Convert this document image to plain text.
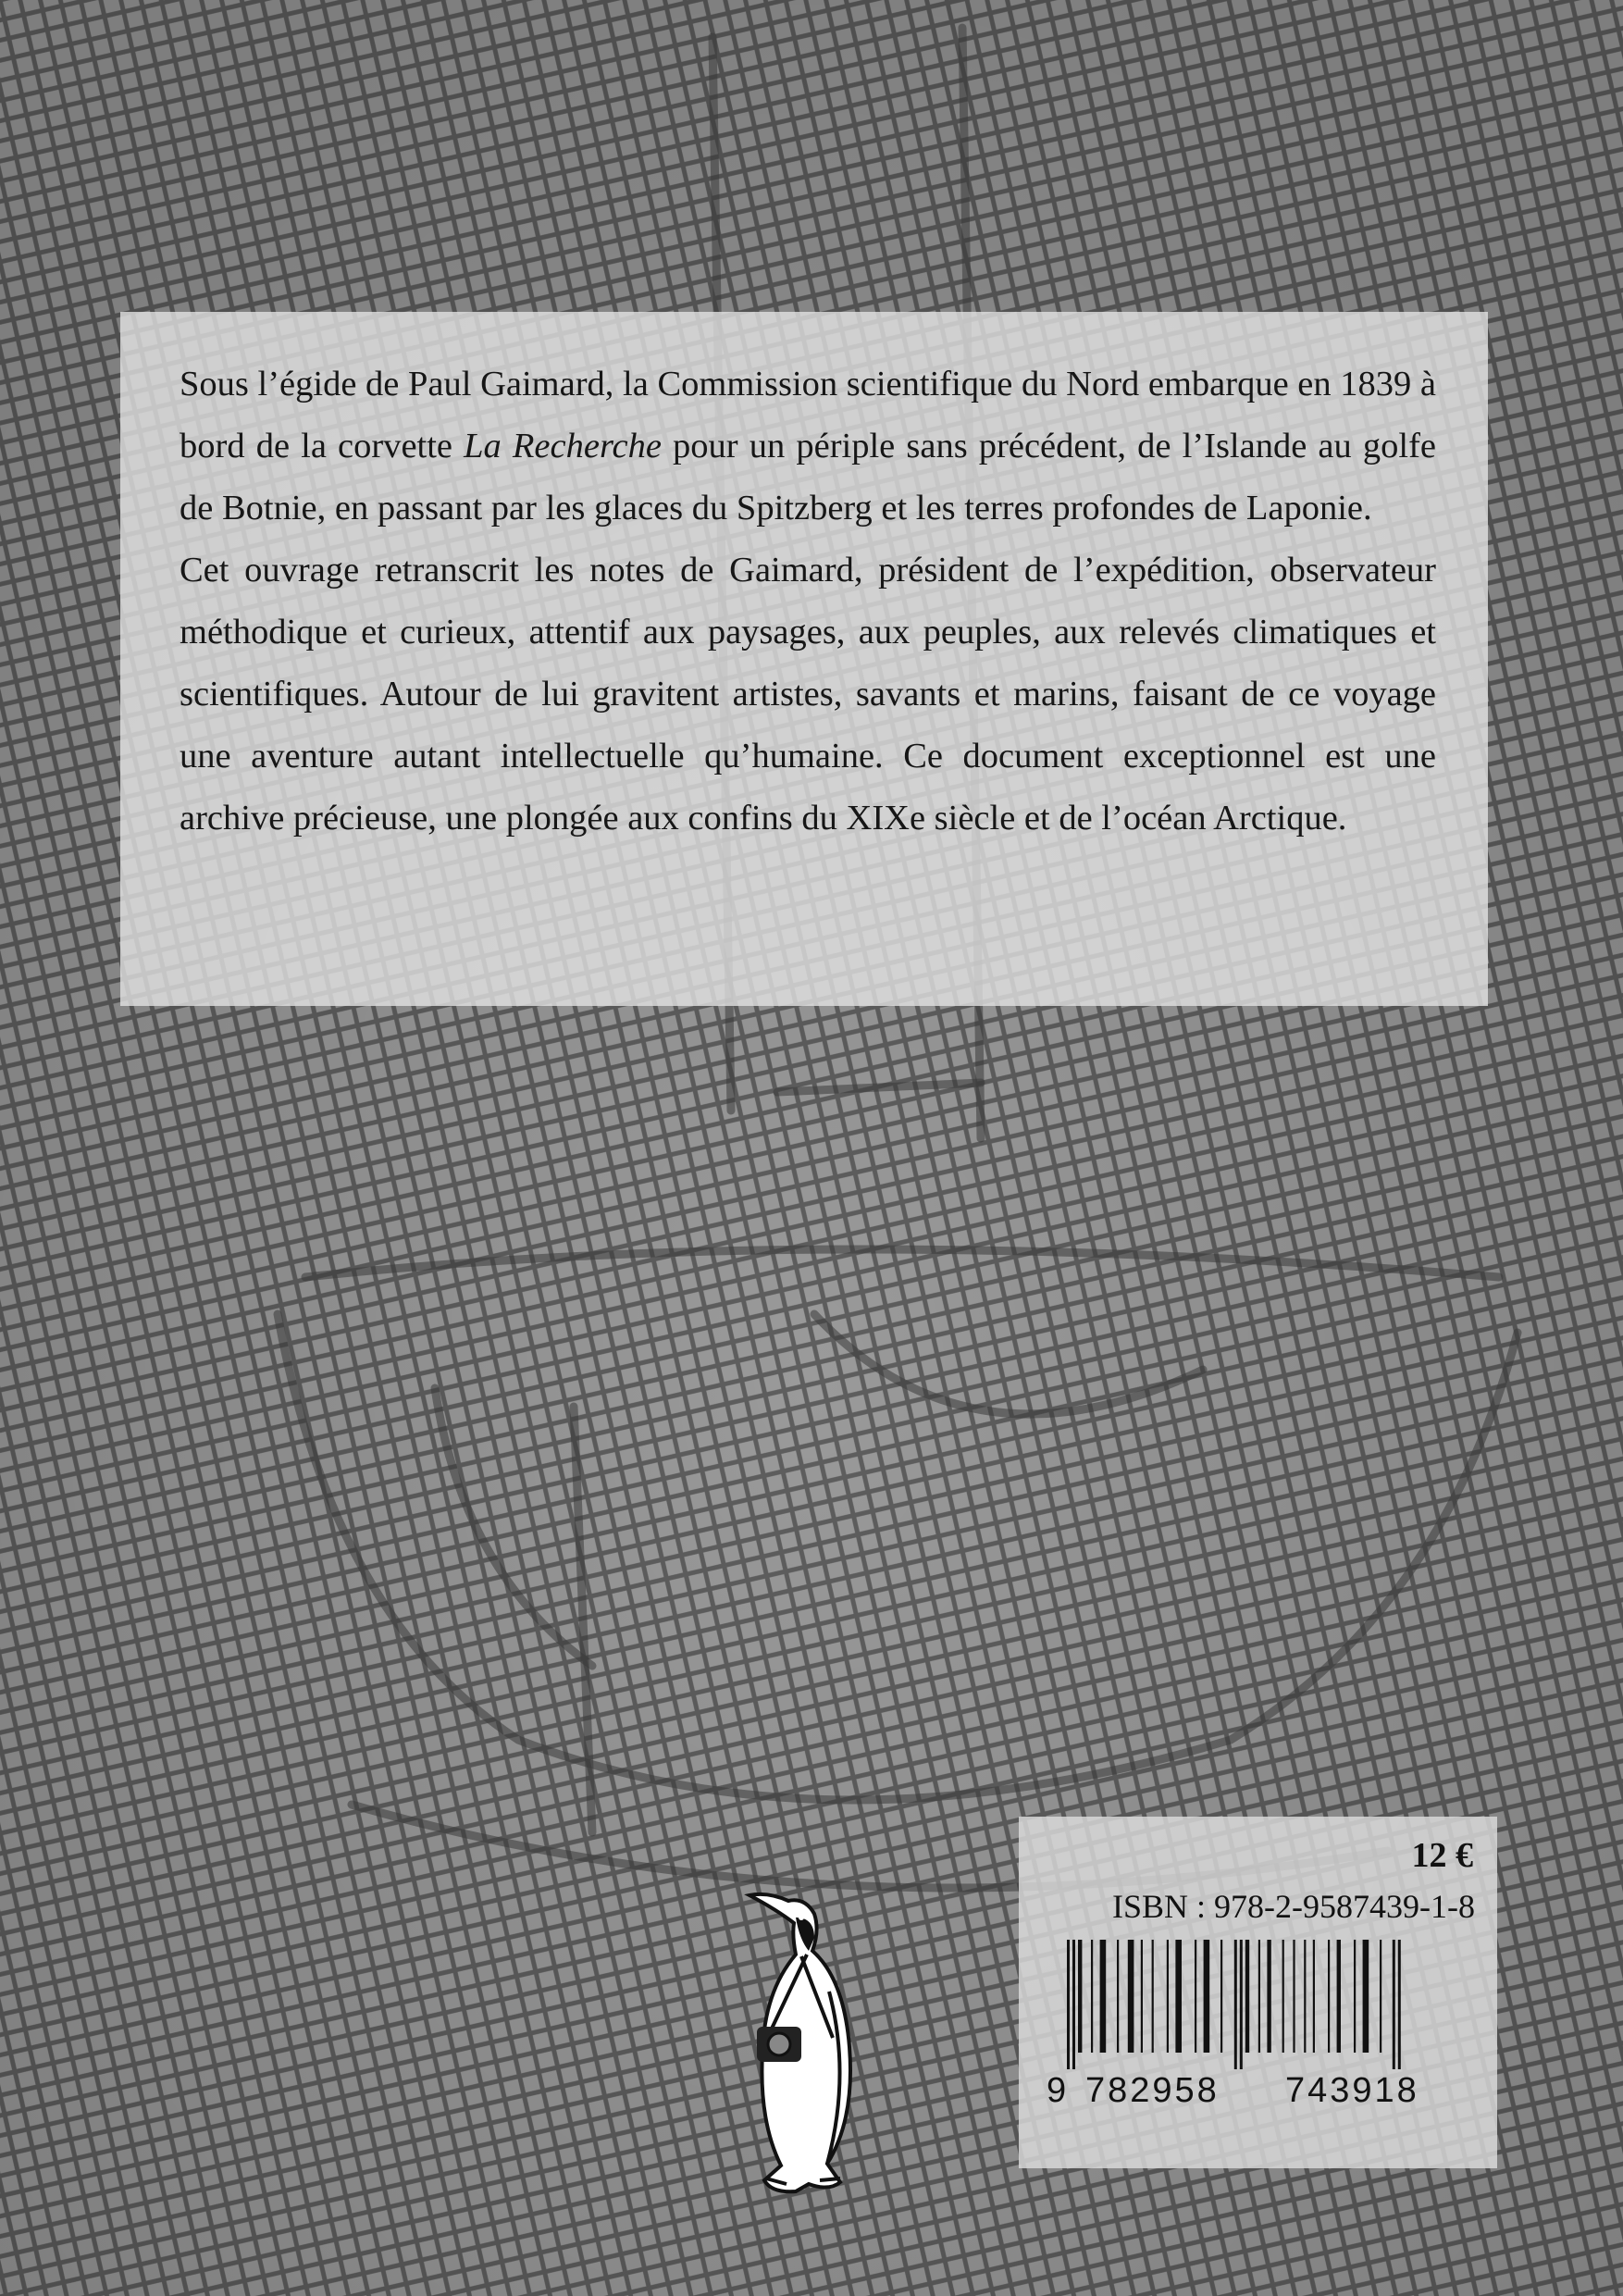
Sous l’égide de Paul Gaimard, la Commission scientifique du Nord embarque en 1839 à bord de la corvette La Recherche pour un périple sans précédent, de l’Islande au golfe de Botnie, en passant par les glaces du Spitzberg et les terres profondes de Laponie.

Cet ouvrage retranscrit les notes de Gaimard, président de l’expédition, observateur méthodique et curieux, attentif aux paysages, aux peuples, aux relevés climatiques et scientifiques. Autour de lui gravitent artistes, savants et marins, faisant de ce voyage une aventure autant intellectuelle qu’humaine. Ce document exceptionnel est une archive précieuse, une plongée aux confins du XIXe siècle et de l’océan Arctique.

12 €
ISBN : 978-2-9587439-1-8
9 782958 743918
